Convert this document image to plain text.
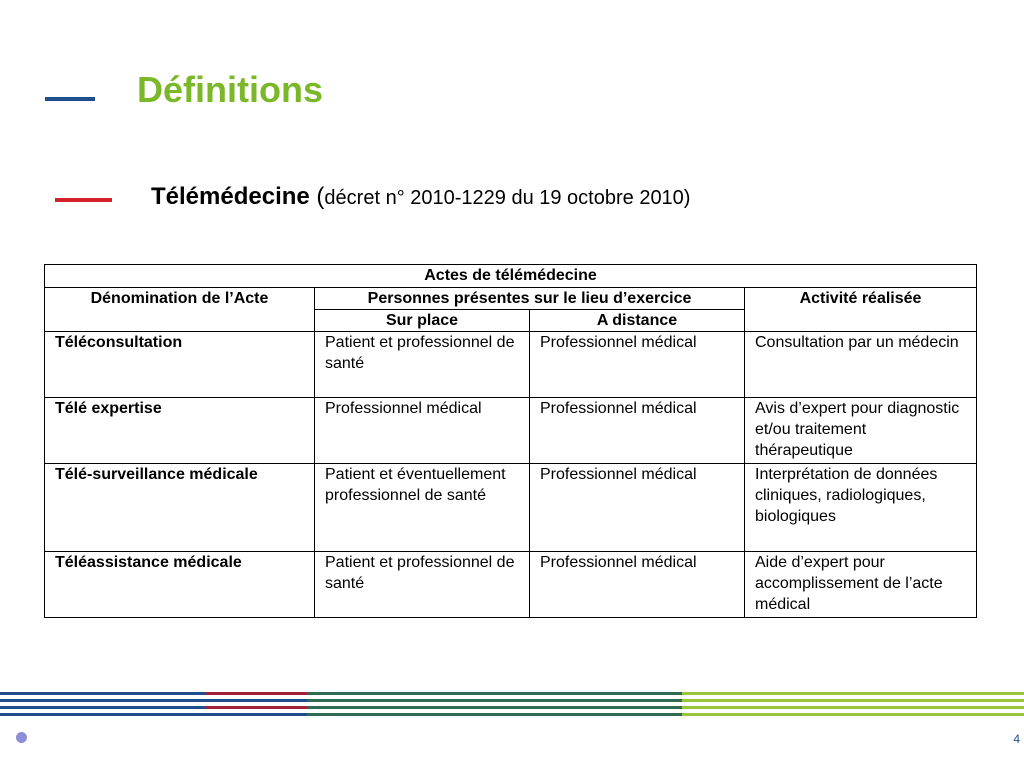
Définitions
Télémédecine (décret n° 2010-1229 du 19 octobre 2010)
Actes de télémédecine			
Dénomination de l’Acte	Personnes présentes sur le lieu d’exercice		Activité réalisée
	Sur place	A distance	
Téléconsultation	Patient et professionnel de santé	Professionnel médical	Consultation par un médecin
Télé expertise	Professionnel médical	Professionnel médical	Avis d’expert pour diagnostic et/ou traitement thérapeutique
Télé-surveillance médicale	Patient et éventuellement professionnel de santé	Professionnel médical	Interprétation de données cliniques, radiologiques, biologiques
Téléassistance médicale	Patient et professionnel de santé	Professionnel médical	Aide d’expert pour accomplissement de l’acte médical
4
